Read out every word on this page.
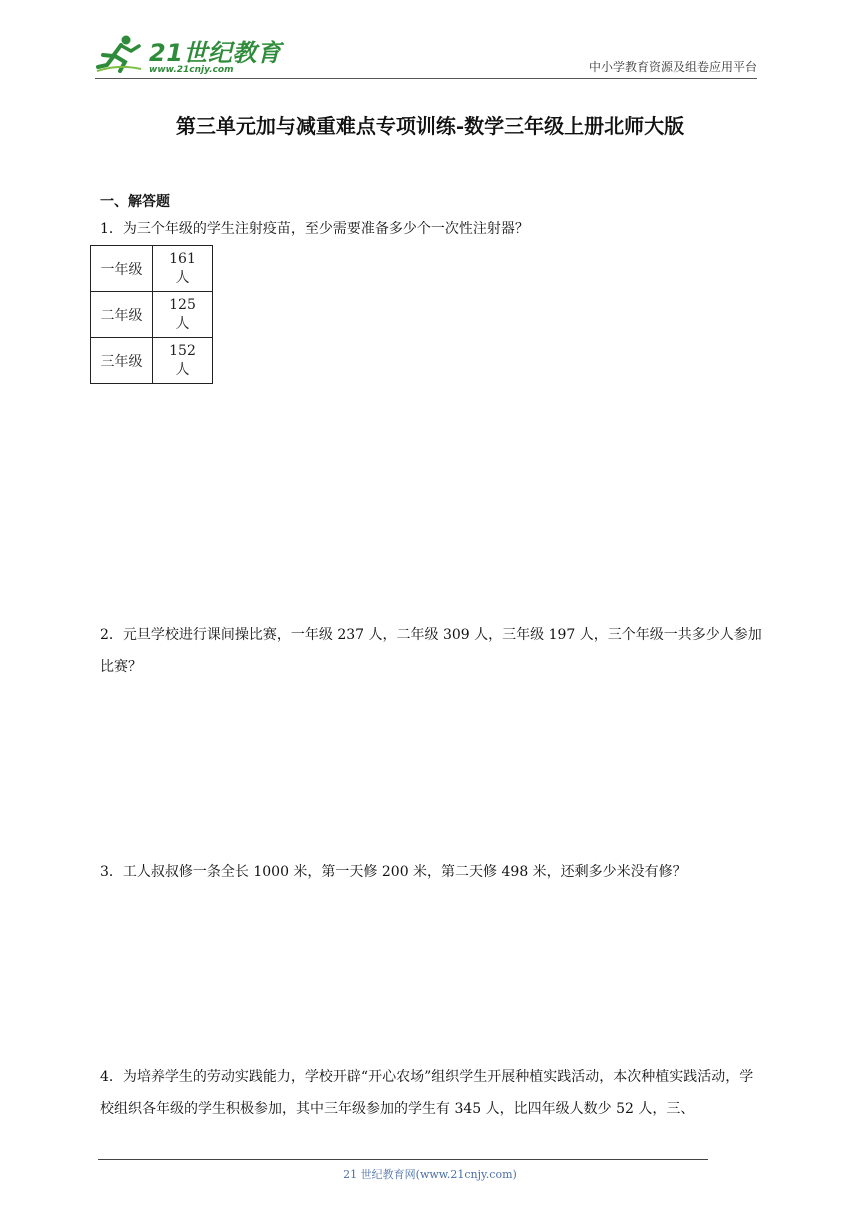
21世纪教育
www.21cnjy.com	中小学教育资源及组卷应用平台
第三单元加与减重难点专项训练-数学三年级上册北师大版
一、解答题
1．为三个年级的学生注射疫苗，至少需要准备多少个一次性注射器？
一年级	161 人
二年级	125 人
三年级	152 人
2．元旦学校进行课间操比赛，一年级 237 人，二年级 309 人，三年级 197 人，三个年级一共多少人参加比赛？
3．工人叔叔修一条全长 1000 米，第一天修 200 米，第二天修 498 米，还剩多少米没有修？
4．为培养学生的劳动实践能力，学校开辟“开心农场”组织学生开展种植实践活动，本次种植实践活动，学校组织各年级的学生积极参加，其中三年级参加的学生有 345 人，比四年级人数少 52 人，三、
21 世纪教育网(www.21cnjy.com)
